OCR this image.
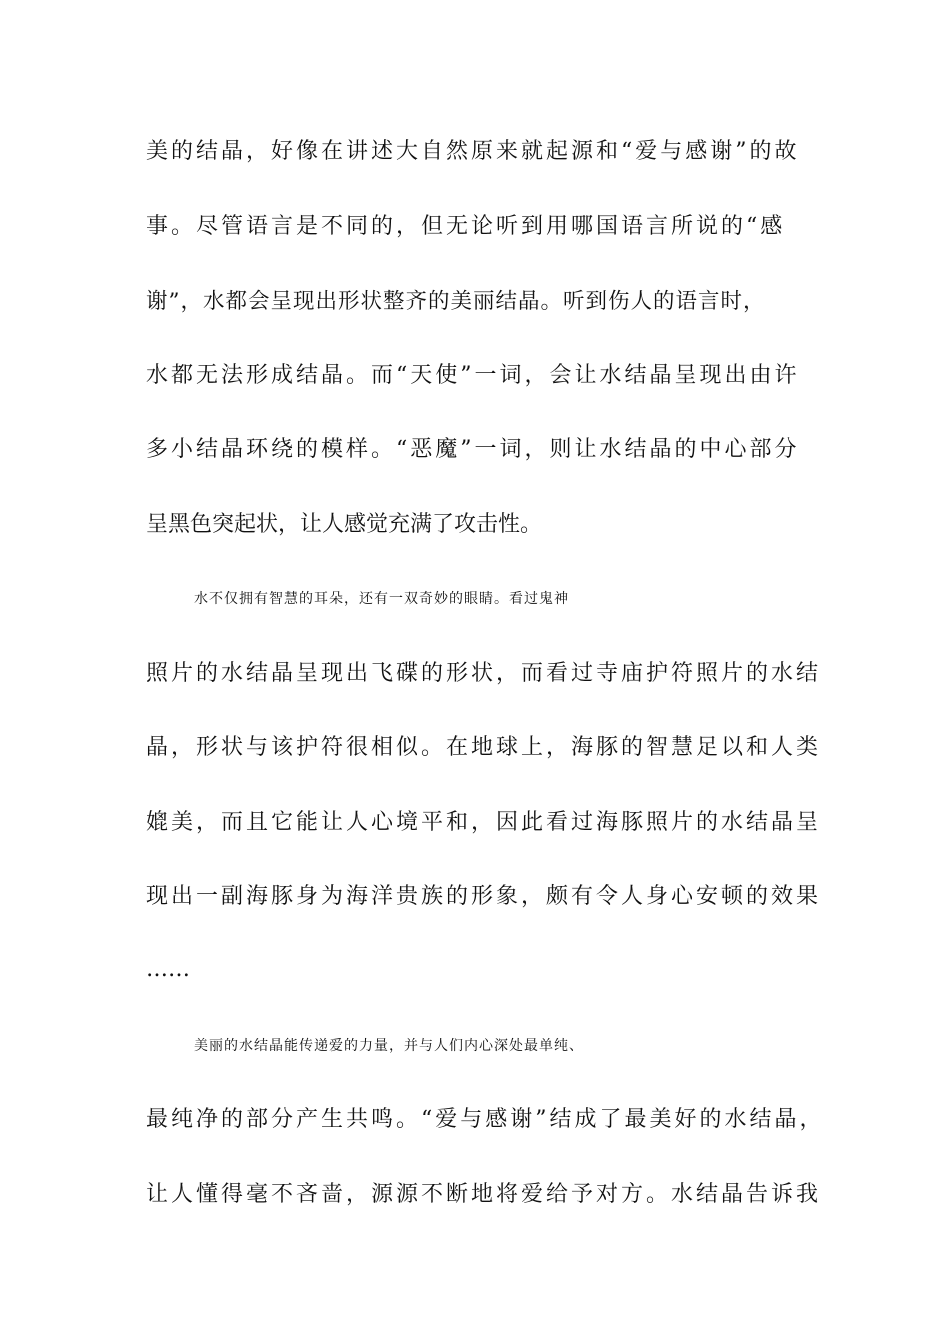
美的结晶，好像在讲述大自然原来就起源和“爱与感谢”的故
事。尽管语言是不同的，但无论听到用哪国语言所说的“感
谢”，水都会呈现出形状整齐的美丽结晶。听到伤人的语言时，
水都无法形成结晶。而“天使”一词，会让水结晶呈现出由许
多小结晶环绕的模样。“恶魔”一词，则让水结晶的中心部分
呈黑色突起状，让人感觉充满了攻击性。
水不仅拥有智慧的耳朵，还有一双奇妙的眼睛。看过鬼神
照片的水结晶呈现出飞碟的形状，而看过寺庙护符照片的水结
晶，形状与该护符很相似。在地球上，海豚的智慧足以和人类
媲美，而且它能让人心境平和，因此看过海豚照片的水结晶呈
现出一副海豚身为海洋贵族的形象，颇有令人身心安顿的效果
……
美丽的水结晶能传递爱的力量，并与人们内心深处最单纯、
最纯净的部分产生共鸣。“爱与感谢”结成了最美好的水结晶，
让人懂得毫不吝啬，源源不断地将爱给予对方。水结晶告诉我
